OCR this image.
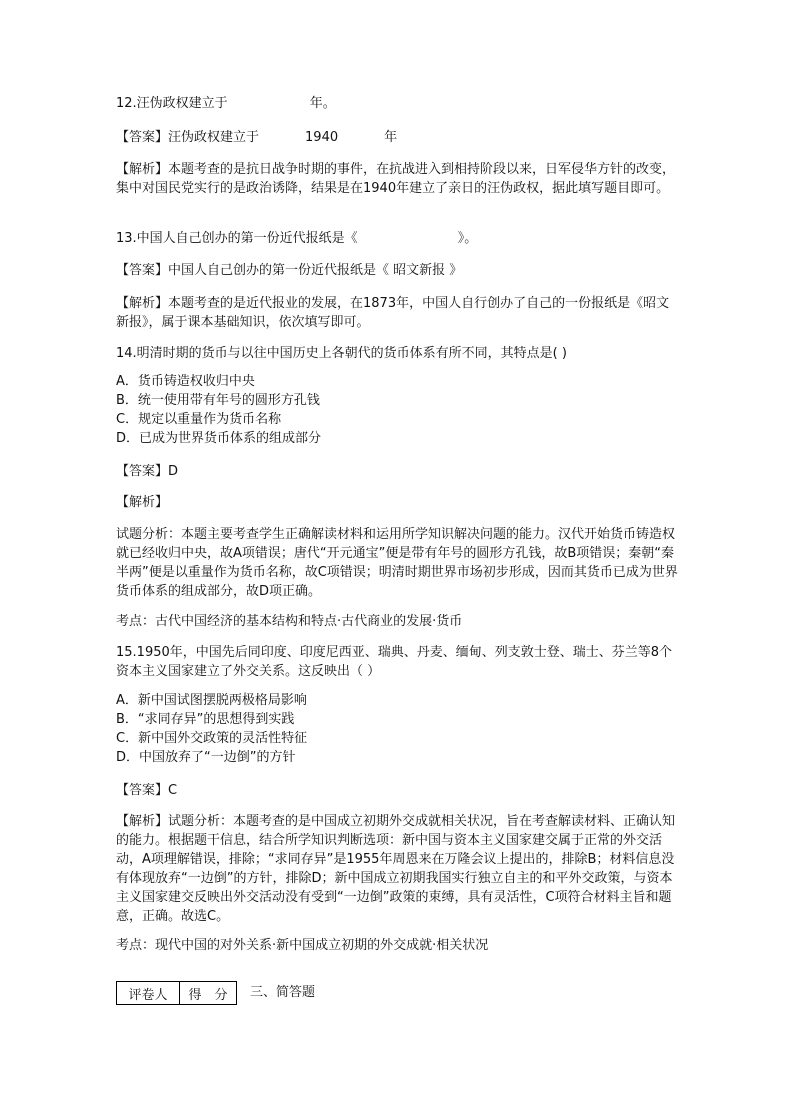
12.汪伪政权建立于	年。
【答案】汪伪政权建立于	1940	年
【解析】本题考查的是抗日战争时期的事件，在抗战进入到相持阶段以来，日军侵华方针的改变，集中对国民党实行的是政治诱降，结果是在1940年建立了亲日的汪伪政权，据此填写题目即可。
13.中国人自己创办的第一份近代报纸是《	》。
【答案】中国人自己创办的第一份近代报纸是《 昭文新报 》
【解析】本题考查的是近代报业的发展，在1873年，中国人自行创办了自己的一份报纸是《昭文新报》，属于课本基础知识，依次填写即可。
14.明清时期的货币与以往中国历史上各朝代的货币体系有所不同，其特点是( )
A．货币铸造权收归中央
B．统一使用带有年号的圆形方孔钱
C．规定以重量作为货币名称
D．已成为世界货币体系的组成部分
【答案】D
【解析】
试题分析：本题主要考查学生正确解读材料和运用所学知识解决问题的能力。汉代开始货币铸造权就已经收归中央，故A项错误；唐代“开元通宝”便是带有年号的圆形方孔钱，故B项错误；秦朝“秦半两”便是以重量作为货币名称，故C项错误；明清时期世界市场初步形成，因而其货币已成为世界货币体系的组成部分，故D项正确。
考点：古代中国经济的基本结构和特点·古代商业的发展·货币
15.1950年，中国先后同印度、印度尼西亚、瑞典、丹麦、缅甸、列支敦士登、瑞士、芬兰等8个资本主义国家建立了外交关系。这反映出（ ）
A．新中国试图摆脱两极格局影响
B．“求同存异”的思想得到实践
C．新中国外交政策的灵活性特征
D．中国放弃了“一边倒”的方针
【答案】C
【解析】试题分析：本题考查的是中国成立初期外交成就相关状况，旨在考查解读材料、正确认知的能力。根据题干信息，结合所学知识判断选项：新中国与资本主义国家建交属于正常的外交活动，A项理解错误，排除；“求同存异”是1955年周恩来在万隆会议上提出的，排除B；材料信息没有体现放弃“一边倒”的方针，排除D；新中国成立初期我国实行独立自主的和平外交政策，与资本主义国家建交反映出外交活动没有受到“一边倒”政策的束缚，具有灵活性，C项符合材料主旨和题意，正确。故选C。
考点：现代中国的对外关系·新中国成立初期的外交成就·相关状况
评卷人	得　分 三、简答题
